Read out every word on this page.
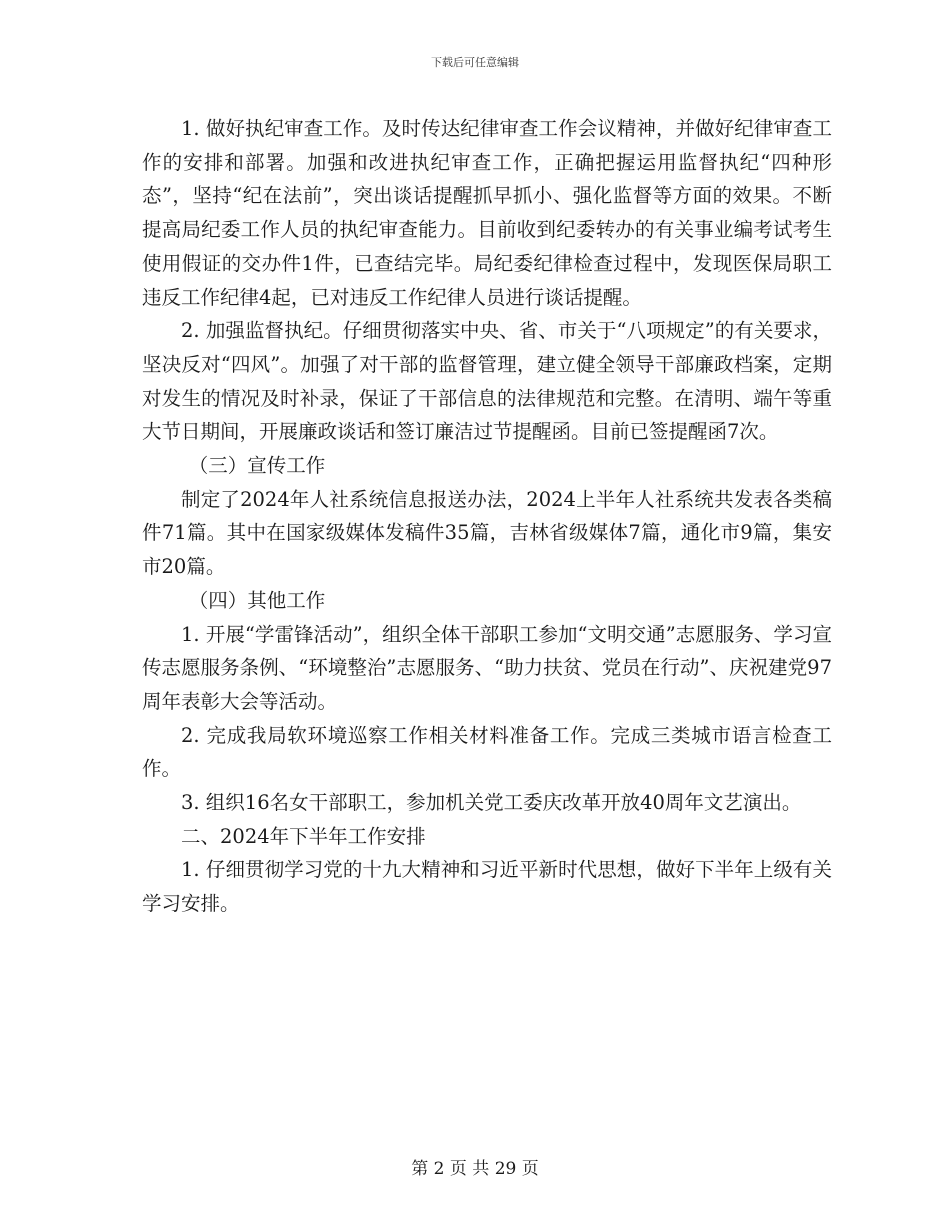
下载后可任意编辑

1. 做好执纪审查工作。及时传达纪律审查工作会议精神，并做好纪律审查工作的安排和部署。加强和改进执纪审查工作，正确把握运用监督执纪“四种形态”，坚持“纪在法前”，突出谈话提醒抓早抓小、强化监督等方面的效果。不断提高局纪委工作人员的执纪审查能力。目前收到纪委转办的有关事业编考试考生使用假证的交办件1件，已查结完毕。局纪委纪律检查过程中，发现医保局职工违反工作纪律4起，已对违反工作纪律人员进行谈话提醒。

2. 加强监督执纪。仔细贯彻落实中央、省、市关于“八项规定”的有关要求，坚决反对“四风”。加强了对干部的监督管理，建立健全领导干部廉政档案，定期对发生的情况及时补录，保证了干部信息的法律规范和完整。在清明、端午等重大节日期间，开展廉政谈话和签订廉洁过节提醒函。目前已签提醒函7次。

（三）宣传工作

制定了2024年人社系统信息报送办法，2024上半年人社系统共发表各类稿件71篇。其中在国家级媒体发稿件35篇，吉林省级媒体7篇，通化市9篇，集安市20篇。

（四）其他工作

1. 开展“学雷锋活动”，组织全体干部职工参加“文明交通”志愿服务、学习宣传志愿服务条例、“环境整治”志愿服务、“助力扶贫、党员在行动”、庆祝建党97周年表彰大会等活动。

2. 完成我局软环境巡察工作相关材料准备工作。完成三类城市语言检查工作。

3. 组织16名女干部职工，参加机关党工委庆改革开放40周年文艺演出。

二、2024年下半年工作安排

1. 仔细贯彻学习党的十九大精神和习近平新时代思想，做好下半年上级有关学习安排。

第 2 页 共 29 页
